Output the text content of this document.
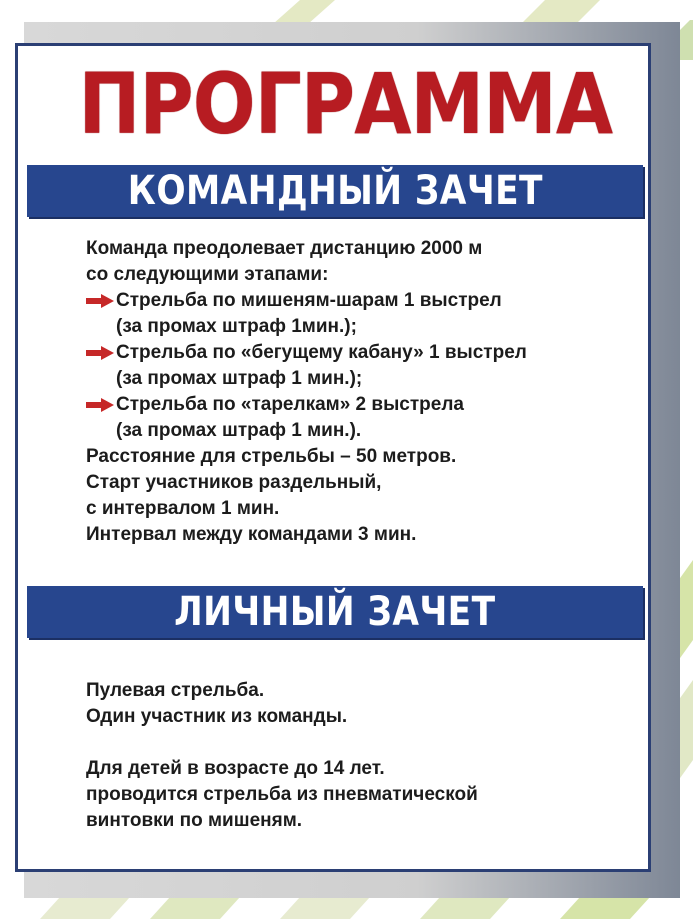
ПРОГРАММА
КОМАНДНЫЙ ЗАЧЕТ
Команда преодолевает дистанцию 2000 м
со следующими этапами:
Стрельба по мишеням-шарам 1 выстрел
(за промах штраф 1мин.);
Стрельба по «бегущему кабану» 1 выстрел
(за промах штраф 1 мин.);
Стрельба по «тарелкам» 2 выстрела
(за промах штраф 1 мин.).
Расстояние для стрельбы – 50 метров.
Старт участников раздельный,
с интервалом 1 мин.
Интервал между командами 3 мин.
ЛИЧНЫЙ ЗАЧЕТ
Пулевая стрельба.
Один участник из команды.
Для детей в возрасте до 14 лет.
проводится стрельба из пневматической
винтовки по мишеням.
